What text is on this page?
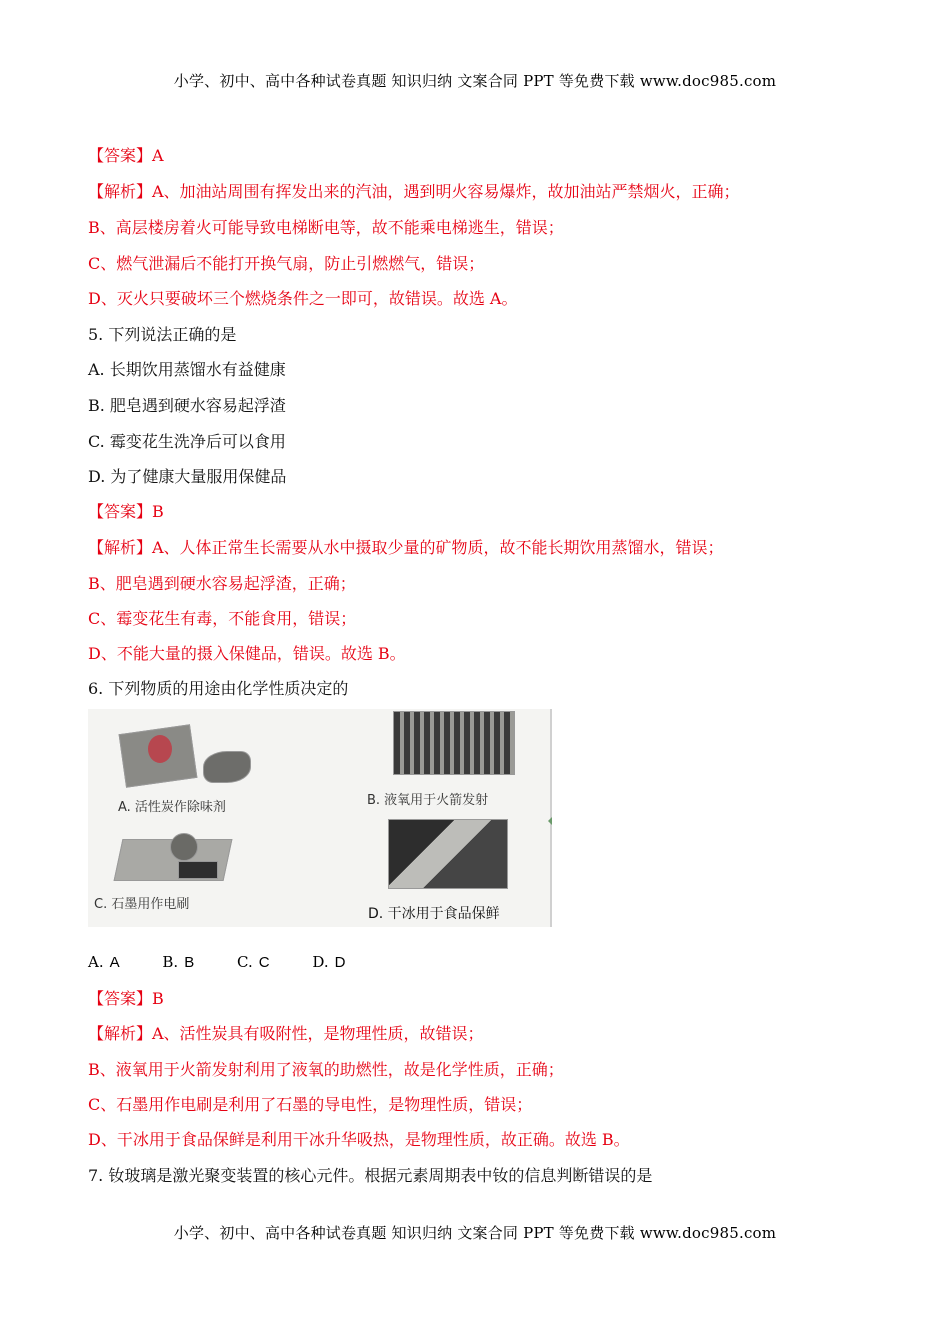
小学、初中、高中各种试卷真题 知识归纳 文案合同 PPT 等免费下载 www.doc985.com
【答案】A
【解析】A、加油站周围有挥发出来的汽油，遇到明火容易爆炸，故加油站严禁烟火，正确；
B、高层楼房着火可能导致电梯断电等，故不能乘电梯逃生，错误；
C、燃气泄漏后不能打开换气扇，防止引燃燃气，错误；
D、灭火只要破坏三个燃烧条件之一即可，故错误。故选 A。
5. 下列说法正确的是
A. 长期饮用蒸馏水有益健康
B. 肥皂遇到硬水容易起浮渣
C. 霉变花生洗净后可以食用
D. 为了健康大量服用保健品
【答案】B
【解析】A、人体正常生长需要从水中摄取少量的矿物质，故不能长期饮用蒸馏水，错误；
B、肥皂遇到硬水容易起浮渣，正确；
C、霉变花生有毒，不能食用，错误；
D、不能大量的摄入保健品，错误。故选 B。
6. 下列物质的用途由化学性质决定的
A. 活性炭作除味剂	B. 液氧用于火箭发射
C. 石墨用作电刷
D. 干冰用于食品保鲜
A. A	B. B	C. C	D. D
【答案】B
【解析】A、活性炭具有吸附性，是物理性质，故错误；
B、液氧用于火箭发射利用了液氧的助燃性，故是化学性质，正确；
C、石墨用作电刷是利用了石墨的导电性，是物理性质，错误；
D、干冰用于食品保鲜是利用干冰升华吸热，是物理性质，故正确。故选 B。
7. 钕玻璃是激光聚变装置的核心元件。根据元素周期表中钕的信息判断错误的是
小学、初中、高中各种试卷真题 知识归纳 文案合同 PPT 等免费下载 www.doc985.com
